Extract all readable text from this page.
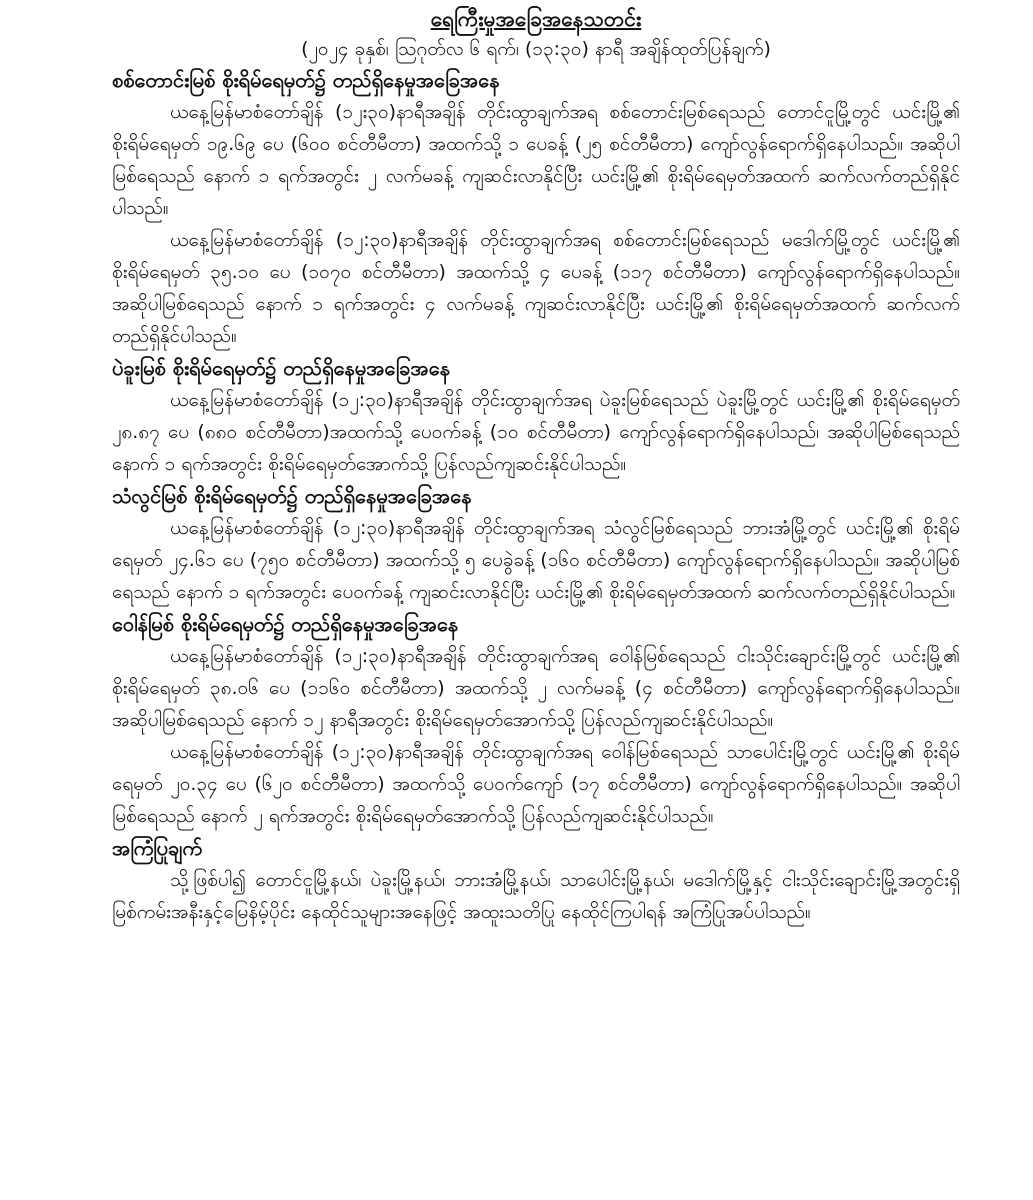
ရေကြီးမှုအခြေအနေသတင်း

(၂၀၂၄ ခုနှစ်၊ ဩဂုတ်လ ၆ ရက်၊ (၁၃:၃၀) နာရီ အချိန်ထုတ်ပြန်ချက်)

စစ်တောင်းမြစ် စိုးရိမ်ရေမှတ်၌ တည်ရှိနေမှုအခြေအနေ

ယနေ့မြန်မာစံတော်ချိန် (၁၂း၃၀)နာရီအချိန် တိုင်းထွာချက်အရ စစ်တောင်းမြစ်ရေသည် တောင်ငူမြို့တွင် ယင်းမြို့၏ စိုးရိမ်ရေမှတ် ၁၉.၆၉ ပေ (၆၀၀ စင်တီမီတာ) အထက်သို့ ၁ ပေခန့် (၂၅ စင်တီမီတာ) ကျော်လွန်ရောက်ရှိနေပါသည်။ အဆိုပါမြစ်ရေသည် နောက် ၁ ရက်အတွင်း ၂ လက်မခန့် ကျဆင်းလာနိုင်ပြီး ယင်းမြို့၏ စိုးရိမ်ရေမှတ်အထက် ဆက်လက်တည်ရှိနိုင်ပါသည်။

ယနေ့မြန်မာစံတော်ချိန် (၁၂:၃၀)နာရီအချိန် တိုင်းထွာချက်အရ စစ်တောင်းမြစ်ရေသည် မဒေါက်မြို့တွင် ယင်းမြို့၏ စိုးရိမ်ရေမှတ် ၃၅.၁၀ ပေ (၁၀၇၀ စင်တီမီတာ) အထက်သို့ ၄ ပေခန့် (၁၁၇ စင်တီမီတာ) ကျော်လွန်ရောက်ရှိနေပါသည်။ အဆိုပါမြစ်ရေသည် နောက် ၁ ရက်အတွင်း ၄ လက်မခန့် ကျဆင်းလာနိုင်ပြီး ယင်းမြို့၏ စိုးရိမ်ရေမှတ်အထက် ဆက်လက်တည်ရှိနိုင်ပါသည်။

ပဲခူးမြစ် စိုးရိမ်ရေမှတ်၌ တည်ရှိနေမှုအခြေအနေ

ယနေ့မြန်မာစံတော်ချိန် (၁၂:၃၀)နာရီအချိန် တိုင်းထွာချက်အရ ပဲခူးမြစ်ရေသည် ပဲခူးမြို့တွင် ယင်းမြို့၏ စိုးရိမ်ရေမှတ် ၂၈.၈၇ ပေ (၈၈၀ စင်တီမီတာ)အထက်သို့ ပေဝက်ခန့် (၁၀ စင်တီမီတာ) ကျော်လွန်ရောက်ရှိနေပါသည်၊ အဆိုပါမြစ်ရေသည် နောက် ၁ ရက်အတွင်း စိုးရိမ်ရေမှတ်အောက်သို့ ပြန်လည်ကျဆင်းနိုင်ပါသည်။

သံလွင်မြစ် စိုးရိမ်ရေမှတ်၌ တည်ရှိနေမှုအခြေအနေ

ယနေ့မြန်မာစံတော်ချိန် (၁၂:၃၀)နာရီအချိန် တိုင်းထွာချက်အရ သံလွင်မြစ်ရေသည် ဘားအံမြို့တွင် ယင်းမြို့၏ စိုးရိမ်ရေမှတ် ၂၄.၆၁ ပေ (၇၅၀ စင်တီမီတာ) အထက်သို့ ၅ ပေခွဲခန့် (၁၆၀ စင်တီမီတာ) ကျော်လွန်ရောက်ရှိနေပါသည်။ အဆိုပါမြစ်ရေသည် နောက် ၁ ရက်အတွင်း ပေဝက်ခန့် ကျဆင်းလာနိုင်ပြီး ယင်းမြို့၏ စိုးရိမ်ရေမှတ်အထက် ဆက်လက်တည်ရှိနိုင်ပါသည်။

ဝေါန်မြစ် စိုးရိမ်ရေမှတ်၌ တည်ရှိနေမှုအခြေအနေ

ယနေ့မြန်မာစံတော်ချိန် (၁၂:၃၀)နာရီအချိန် တိုင်းထွာချက်အရ ဝေါန်မြစ်ရေသည် ငါးသိုင်းချောင်းမြို့တွင် ယင်းမြို့၏ စိုးရိမ်ရေမှတ် ၃၈.၀၆ ပေ (၁၁၆၀ စင်တီမီတာ) အထက်သို့ ၂ လက်မခန့် (၄ စင်တီမီတာ) ကျော်လွန်ရောက်ရှိနေပါသည်။ အဆိုပါမြစ်ရေသည် နောက် ၁၂ နာရီအတွင်း စိုးရိမ်ရေမှတ်အောက်သို့ ပြန်လည်ကျဆင်းနိုင်ပါသည်။

ယနေ့မြန်မာစံတော်ချိန် (၁၂:၃၀)နာရီအချိန် တိုင်းထွာချက်အရ ဝေါန်မြစ်ရေသည် သာပေါင်းမြို့တွင် ယင်းမြို့၏ စိုးရိမ်ရေမှတ် ၂၀.၃၄ ပေ (၆၂၀ စင်တီမီတာ) အထက်သို့ ပေဝက်ကျော် (၁၇ စင်တီမီတာ) ကျော်လွန်ရောက်ရှိနေပါသည်။ အဆိုပါမြစ်ရေသည် နောက် ၂ ရက်အတွင်း စိုးရိမ်ရေမှတ်အောက်သို့ ပြန်လည်ကျဆင်းနိုင်ပါသည်။

အကြံပြုချက်

သို့ဖြစ်ပါ၍ တောင်ငူမြို့နယ်၊ ပဲခူးမြို့နယ်၊ ဘားအံမြို့နယ်၊ သာပေါင်းမြို့နယ်၊ မဒေါက်မြို့နှင့် ငါးသိုင်းချောင်းမြို့အတွင်းရှိ မြစ်ကမ်းအနီးနှင့်မြေနိမ့်ပိုင်း နေထိုင်သူများအနေဖြင့် အထူးသတိပြု နေထိုင်ကြပါရန် အကြံပြုအပ်ပါသည်။
